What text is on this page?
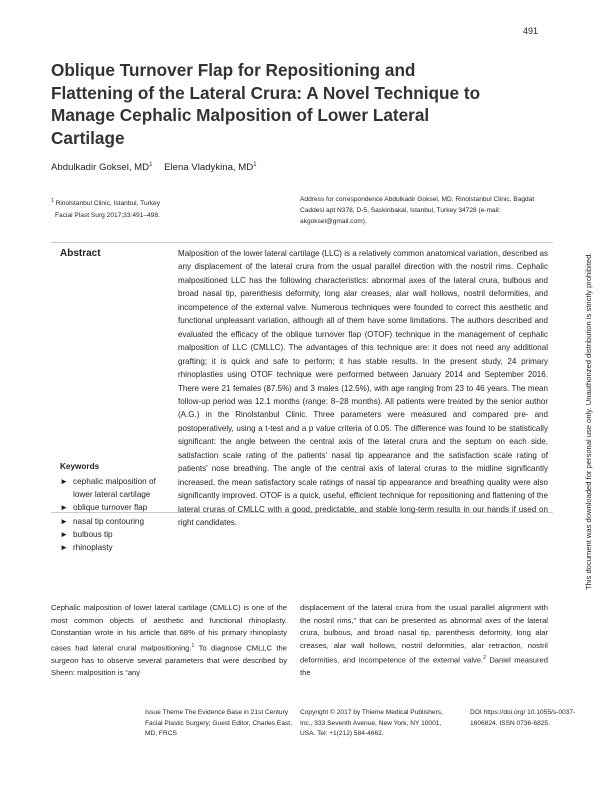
491
Oblique Turnover Flap for Repositioning and Flattening of the Lateral Crura: A Novel Technique to Manage Cephalic Malposition of Lower Lateral Cartilage
Abdulkadir Goksel, $MD^1$ Elena Vladykina, $MD^1$
$^1$ Rinolstanbul Clinic, Istanbul, Turkey
Facial Plast Surg 2017;33:491–498.
Address for correspondence Abdulkadir Goksel, MD, Rinolstanbul Clinic, Bagdat Caddesi apt N378, D-5, Saskinbakal, Istanbul, Turkey 34728 (e-mail: akgoksel@gmail.com).
Abstract	Malposition of the lower lateral cartilage (LLC) is a relatively common anatomical variation, described as any displacement of the lateral crura from the usual parallel direction with the nostril rims. Cephalic malpositioned LLC has the following characteristics: abnormal axes of the lateral crura, bulbous and broad nasal tip, parenthesis deformity, long alar creases, alar wall hollows, nostril deformities, and incompetence of the external valve. Numerous techniques were founded to correct this aesthetic and functional unpleasant variation, although all of them have some limitations. The authors described and evaluated the efficacy of the oblique turnover flap (OTOF) technique in the management of cephalic malposition of LLC (CMLLC). The advantages of this technique are: it does not need any additional grafting; it is quick and safe to perform; it has stable results. In the present study, 24 primary rhinoplasties using OTOF technique were performed between January 2014 and September 2016. There were 21 females (87.5%) and 3 males (12.5%), with age ranging from 23 to 46 years. The mean follow-up period was 12.1 months (range: 8–28 months). All patients were treated by the senior author (A.G.) in the Rinolstanbul Clinic. Three parameters were measured and compared pre- and postoperatively, using a t-test and a p value criteria of 0.05. The difference was found to be statistically significant: the angle between the central axis of the lateral crura and the septum on each side, satisfaction scale rating of the patients' nasal tip appearance and the satisfaction scale rating of patients' nose breathing. The angle of the central axis of lateral cruras to the midline significantly increased, the mean satisfactory scale ratings of nasal tip appearance and breathing quality were also significantly improved. OTOF is a quick, useful, efficient technique for repositioning and flattening of the lateral cruras of CMLLC with a good, predictable, and stable long-term results in our hands if used on right candidates.

Keywords
► cephalic malposition of lower lateral cartilage
► oblique turnover flap
► nasal tip contouring
► bulbous tip
► rhinoplasty

Cephalic malposition of lower lateral cartilage (CMLLC) is one of the most common objects of aesthetic and functional rhinoplasty. Constantian wrote in his article that 68% of his primary rhinoplasty cases had lateral crural malpositioning.$^1$ To diagnose CMLLC the surgeon has to observe several parameters that were described by Sheen: malposition is “any

displacement of the lateral crura from the usual parallel alignment with the nostril rims,” that can be presented as abnormal axes of the lateral crura, bulbous, and broad nasal tip, parenthesis deformity, long alar creases, alar wall hollows, nostril deformities, alar retraction, nostril deformities, and incompetence of the external valve.$^2$ Daniel measured the

Issue Theme The Evidence Base in 21st Century Facial Plastic Surgery; Guest Editor, Charles East, MD, FRCS
Copyright © 2017 by Thieme Medical Publishers, Inc., 333 Seventh Avenue, New York, NY 10001, USA. Tel: +1(212) 584-4662.
DOI https://doi.org/ 10.1055/s-0037-1606824. ISSN 0736-6825.
This document was downloaded for personal use only. Unauthorized distribution is strictly prohibited.
